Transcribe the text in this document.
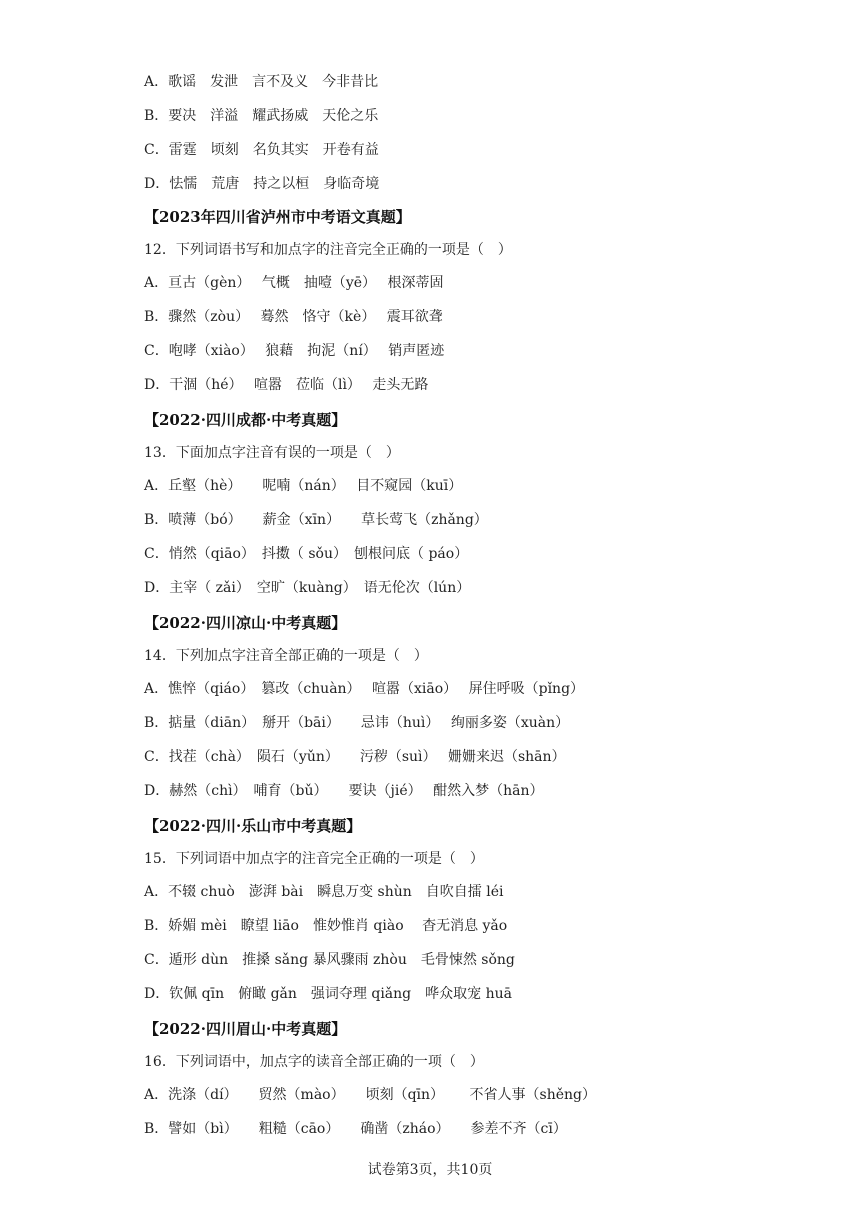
A．歌谣　发泄　言不及义　今非昔比
B．要决　洋溢　耀武扬威　天伦之乐
C．雷霆　顷刻　名负其实　开卷有益
D．怯懦　荒唐　持之以桓　身临奇境
【2023年四川省泸州市中考语文真题】
12．下列词语书写和加点字的注音完全正确的一项是（　）
A．亘古（gèn）　 气概　抽噎（yē）　 根深蒂固
B．骤然（zòu）　 蓦然　恪守（kè）　 震耳欲聋
C．咆哮（xiào）　 狼藉　拘泥（ní）　 销声匿迹
D．干涸（hé）　 喧嚣　莅临（lì）　 走头无路
【2022·四川成都·中考真题】
13．下面加点字注音有误的一项是（　）
A．丘壑（hè）　　呢喃（nán）　 目不窥园（kuī）
B．喷薄（bó）　　薪金（xīn）　　草长莺飞（zhǎng）
C．悄然（qiāo）　抖擞（ sǒu）　刨根问底（ páo）
D．主宰（ zǎi）　空旷（kuàng）　语无伦次（lún）
【2022·四川凉山·中考真题】
14．下列加点字注音全部正确的一项是（　）
A．憔悴（qiáo）　篡改（chuàn）　 喧嚣（xiāo）　 屏住呼吸（pǐng）
B．掂量（diān）　掰开（bāi）　　忌讳（huì）　 绚丽多姿（xuàn）
C．找茬（chà）　陨石（yǔn）　　污秽（suì）　 姗姗来迟（shān）
D．赫然（chì）　哺育（bǔ）　　要诀（jié）　 酣然入梦（hān）
【2022·四川·乐山市中考真题】
15．下列词语中加点字的注音完全正确的一项是（　）
A．不辍 chuò　澎湃 bài　瞬息万变 shùn　自吹自擂 léi
B．娇媚 mèi　瞭望 liāo　惟妙惟肖 qiào　 杳无消息 yǎo
C．遁形 dùn　推搡 sǎng 暴风骤雨 zhòu　毛骨悚然 sǒng
D．钦佩 qīn　俯瞰 gǎn　强词夺理 qiǎng　哗众取宠 huā
【2022·四川眉山·中考真题】
16．下列词语中，加点字的读音全部正确的一项（　）
A．洗涤（dí）　　贸然（mào）　　顷刻（qīn）　　 不省人事（shěng）
B．譬如（bì）　　粗糙（cāo）　　确凿（zháo）　　参差不齐（cī）
试卷第3页，共10页
